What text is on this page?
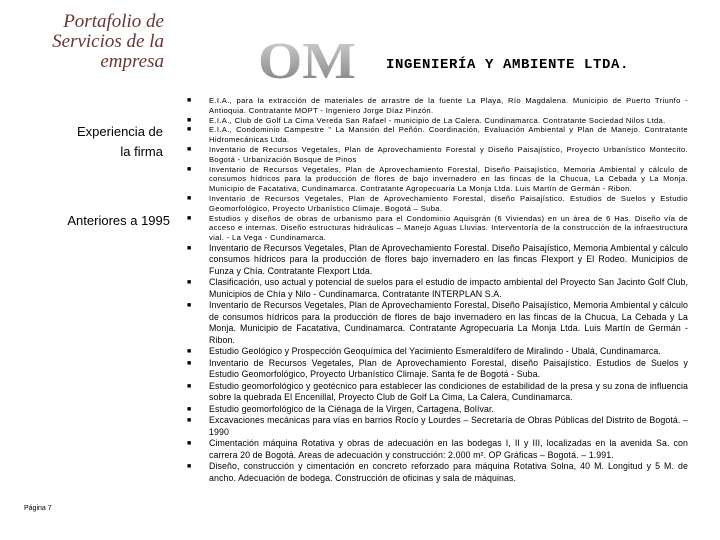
Portafolio de
Servicios de la
empresa OM INGENIERÍA Y AMBIENTE LTDA.
Experiencia de
la firma
Anteriores a 1995
Página 7
■ E.I.A., para la extracción de materiales de arrastre de la fuente La Playa, Río Magdalena. Municipio de Puerto Triunfo - Antioquia. Contratante MOPT - Ingeniero Jorge Díaz Pinzón.
■ E.I.A., Club de Golf La Cima Vereda San Rafael - municipio de La Calera. Cundinamarca. Contratante Sociedad Nilos Ltda.
■ E.I.A., Condominio Campestre " La Mansión del Peñón. Coordinación, Evaluación Ambiental y Plan de Manejo. Contratante Hidromecánicas Ltda.
■ Inventario de Recursos Vegetales, Plan de Aprovechamiento Forestal y Diseño Paisajístico, Proyecto Urbanístico Montecito. Bogotá - Urbanización Bosque de Pinos
■ Inventario de Recursos Vegetales, Plan de Aprovechamiento Forestal, Diseño Paisajístico, Memoria Ambiental y cálculo de consumos hídricos para la producción de flores de bajo invernadero en las fincas de la Chucua, La Cebada y La Monja. Municipio de Facatativa, Cundinamarca. Contratante Agropecuaria La Monja Ltda. Luis Martín de Germán - Ribon.
■ Inventario de Recursos Vegetales, Plan de Aprovechamiento Forestal, diseño Paisajístico. Estudios de Suelos y Estudio Geomorfológico, Proyecto Urbanístico Climaje. Bogotá – Suba.
■ Estudios y diseños de obras de urbanismo para el Condominio Aquisgrán (6 Viviendas) en un área de 6 Has. Diseño vía de acceso e internas. Diseño estructuras hidráulicas – Manejo Aguas Lluvias. Interventoría de la construcción de la infraestructura vial. - La Vega - Cundinamarca.
■ Inventario de Recursos Vegetales, Plan de Aprovechamiento Forestal. Diseño Paisajístico, Memoria Ambiental y cálculo consumos hídricos para la producción de flores bajo invernadero en las fincas Flexport y El Rodeo. Municipios de Funza y Chía. Contratante Flexport Ltda.
■ Clasificación, uso actual y potencial de suelos para el estudio de impacto ambiental del Proyecto San Jacinto Golf Club, Municipios de Chía y Nilo - Cundinamarca. Contratante INTERPLAN S.A.
■ Inventario de Recursos Vegetales, Plan de Aprovechamiento Forestal, Diseño Paisajístico, Memoria Ambiental y cálculo de consumos hídricos para la producción de flores de bajo invernadero en las fincas de la Chucua, La Cebada y La Monja. Municipio de Facatativa, Cundinamarca. Contratante Agropecuaria La Monja Ltda. Luis Martín de Germán - Ribon.
■ Estudio Geológico y Prospección Geoquímica del Yacimiento Esmeraldífero de Miralindo - Ubalá, Cundinamarca.
■ Inventario de Recursos Vegetales, Plan de Aprovechamiento Forestal, diseño Paisajístico. Estudios de Suelos y Estudio Geomorfológico, Proyecto Urbanístico Climaje. Santa fe de Bogotá - Suba.
■ Estudio geomorfológico y geotécnico para establecer las condiciones de estabilidad de la presa y su zona de influencia sobre la quebrada El Encenillal, Proyecto Club de Golf La Cima, La Calera, Cundinamarca.
■ Estudio geomorfológico de la Ciénaga de la Virgen, Cartagena, Bolívar.
■ Excavaciones mecánicas para vías en barrios Rocío y Lourdes – Secretaría de Obras Públicas del Distrito de Bogotá. – 1990
■ Cimentación máquina Rotativa y obras de adecuación en las bodegas I, II y III, localizadas en la avenida Sa. con carrera 20 de Bogotá. Areas de adecuación y construcción: 2.000 m². OP Gráficas – Bogotá. – 1.991.
■ Diseño, construcción y cimentación en concreto reforzado para máquina Rotativa Solna, 40 M. Longitud y 5 M. de ancho. Adecuación de bodega. Construcción de oficinas y sala de máquinas.
